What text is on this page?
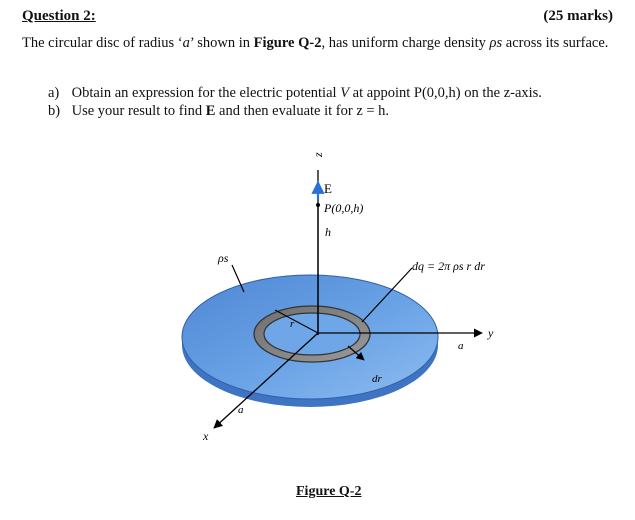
Question 2:	(25 marks)
The circular disc of radius ‘a’ shown in Figure Q-2, has uniform charge density ρs across its surface.
a) Obtain an expression for the electric potential V at appoint P(0,0,h) on the z-axis.
b) Use your result to find E and then evaluate it for z = h.
z
E
P(0,0,h)
h
ρs
dq = 2π ρs r dr
r
dr
a
y
a
x
Figure Q-2
